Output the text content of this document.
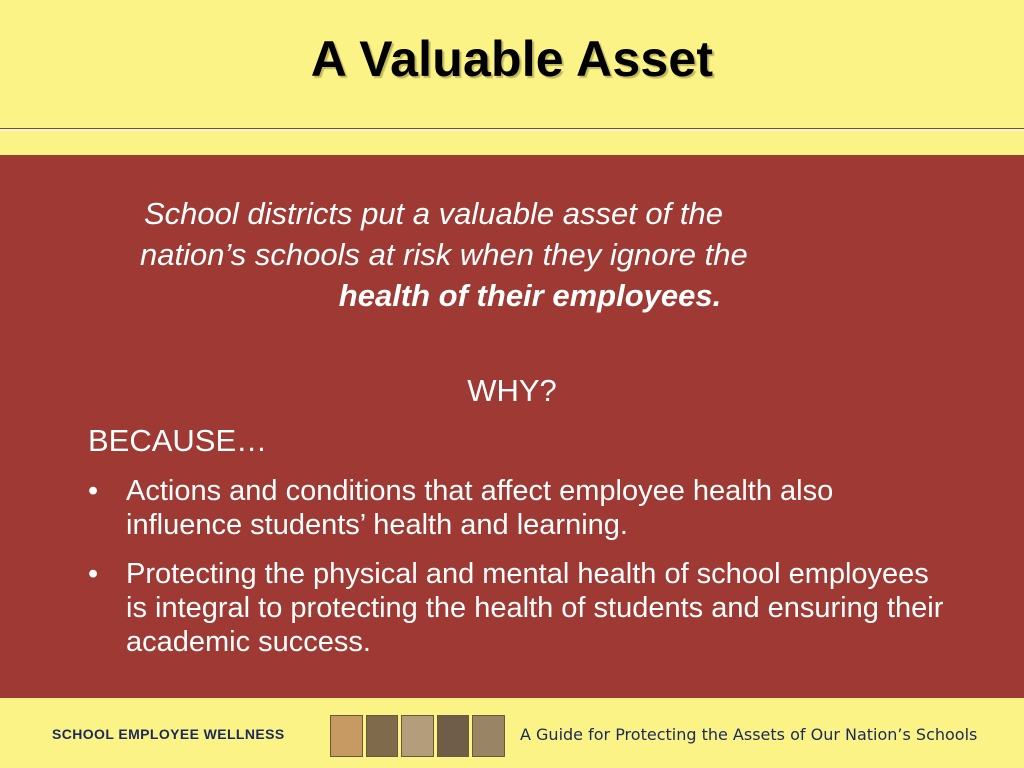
A Valuable Asset
School districts put a valuable asset of the
nation’s schools at risk when they ignore the
health of their employees.
WHY?
BECAUSE…
• Actions and conditions that affect employee health also influence students’ health and learning.
• Protecting the physical and mental health of school employees is integral to protecting the health of students and ensuring their academic success.
SCHOOL EMPLOYEE WELLNESS	A Guide for Protecting the Assets of Our Nation’s Schools
